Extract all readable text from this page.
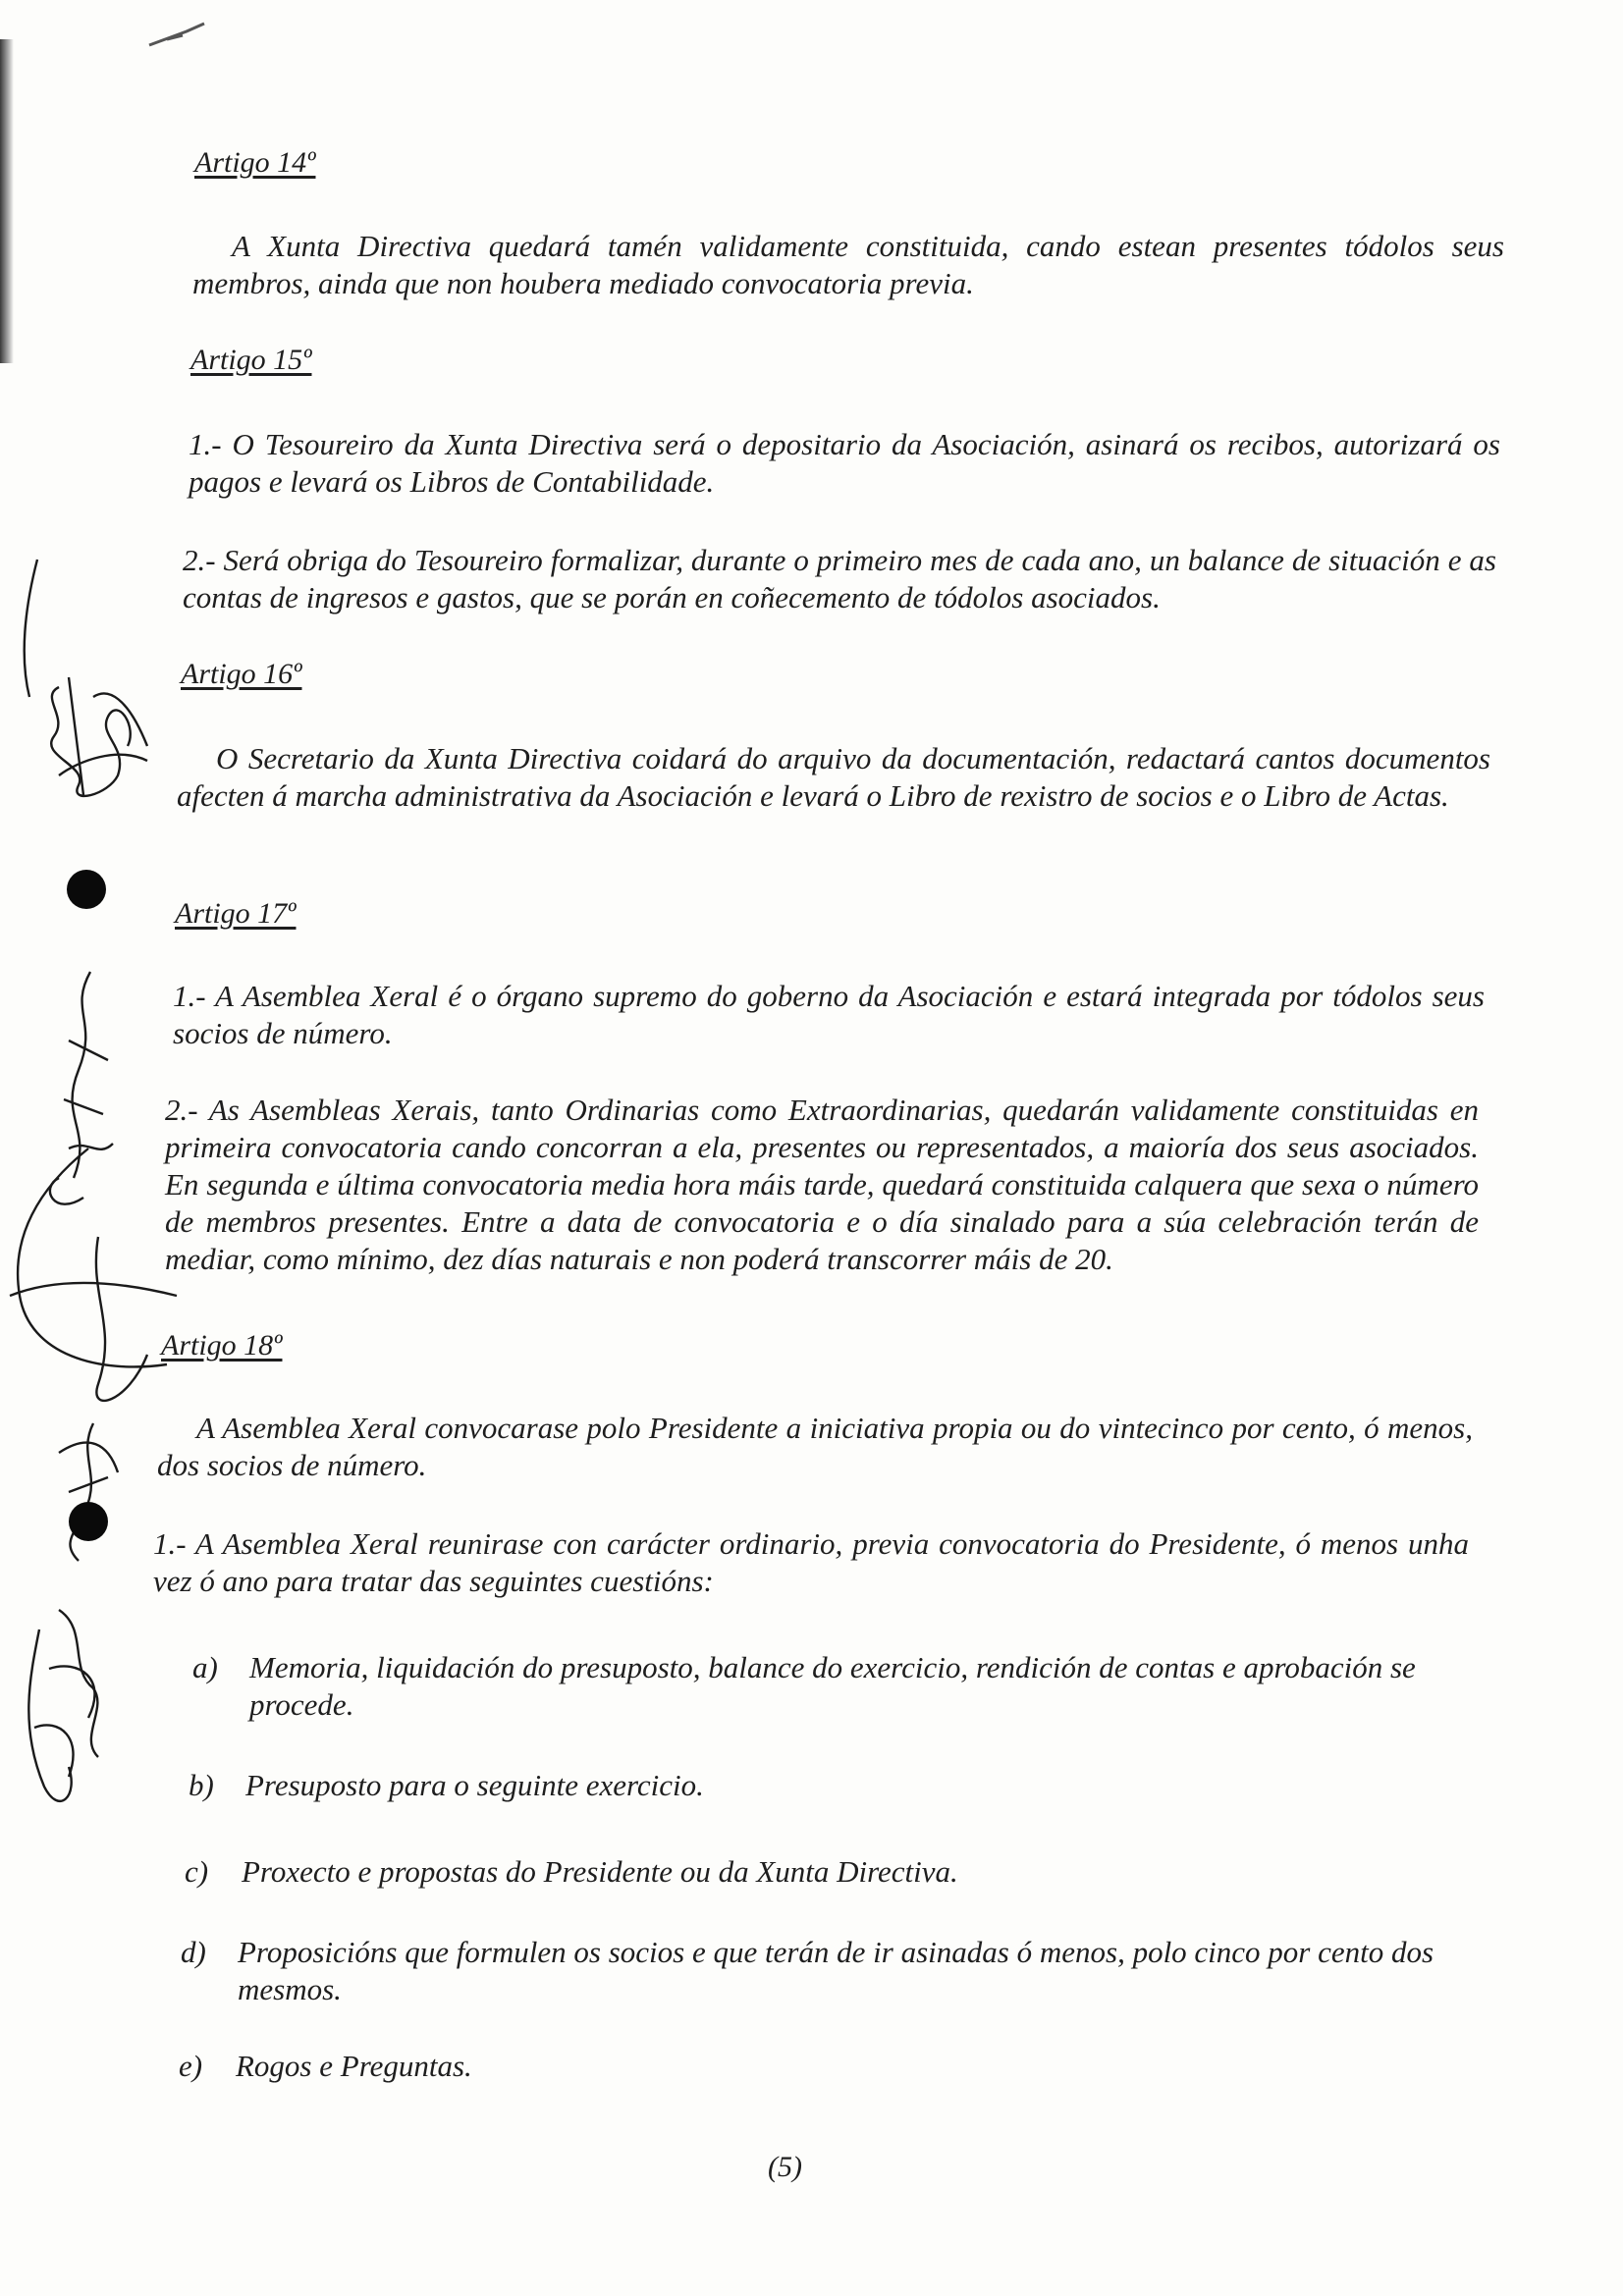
Artigo 14º
A Xunta Directiva quedará tamén validamente constituida, cando estean presentes tódolos seus membros, ainda que non houbera mediado convocatoria previa.
Artigo 15º
1.- O Tesoureiro da Xunta Directiva será o depositario da Asociación, asinará os recibos, autorizará os pagos e levará os Libros de Contabilidade.
2.- Será obriga do Tesoureiro formalizar, durante o primeiro mes de cada ano, un balance de situación e as contas de ingresos e gastos, que se porán en coñecemento de tódolos asociados.
Artigo 16º
O Secretario da Xunta Directiva coidará do arquivo da documentación, redactará cantos documentos afecten á marcha administrativa da Asociación e levará o Libro de rexistro de socios e o Libro de Actas.
Artigo 17º
1.- A Asemblea Xeral é o órgano supremo do goberno da Asociación e estará integrada por tódolos seus socios de número.
2.- As Asembleas Xerais, tanto Ordinarias como Extraordinarias, quedarán validamente constituidas en primeira convocatoria cando concorran a ela, presentes ou representados, a maioría dos seus asociados. En segunda e última convocatoria media hora máis tarde, quedará constituida calquera que sexa o número de membros presentes. Entre a data de convocatoria e o día sinalado para a súa celebración terán de mediar, como mínimo, dez días naturais e non poderá transcorrer máis de 20.
Artigo 18º
A Asemblea Xeral convocarase polo Presidente a iniciativa propia ou do vintecinco por cento, ó menos, dos socios de número.
1.- A Asemblea Xeral reunirase con carácter ordinario, previa convocatoria do Presidente, ó menos unha vez ó ano para tratar das seguintes cuestións:
a) Memoria, liquidación do presuposto, balance do exercicio, rendición de contas e aprobación se procede.
b) Presuposto para o seguinte exercicio.
c) Proxecto e propostas do Presidente ou da Xunta Directiva.
d) Proposicións que formulen os socios e que terán de ir asinadas ó menos, polo cinco por cento dos mesmos.
e) Rogos e Preguntas.
(5)
